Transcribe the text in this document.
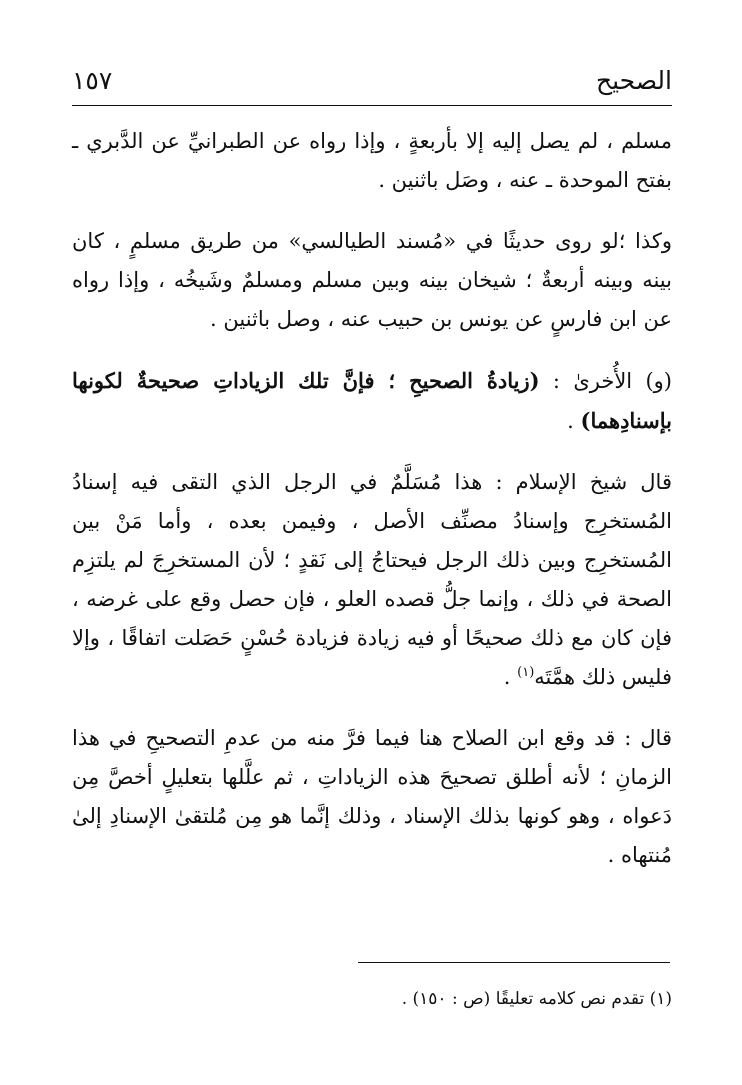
الصحيح
١٥٧

مسلم ، لم يصل إليه إلا بأربعةٍ ، وإذا رواه عن الطبرانيِّ عن الدَّبري ـ بفتح الموحدة ـ عنه ، وصَل باثنين .

وكذا ؛لو روى حديثًا في «مُسند الطيالسي» من طريق مسلمٍ ، كان بينه وبينه أربعةٌ ؛ شيخان بينه وبين مسلم ومسلمٌ وشَيخُه ، وإذا رواه عن ابن فارسٍ عن يونس بن حبيب عنه ، وصل باثنين .

(و) الأُخرىٰ : (زيادةُ الصحيحِ ؛ فإنَّ تلك الزياداتِ صحيحةٌ لكونها بإسنادِهما) .

قال شيخ الإسلام : هذا مُسَلَّمٌ في الرجل الذي التقى فيه إسنادُ المُستخرِج وإسنادُ مصنِّف الأصل ، وفيمن بعده ، وأما مَنْ بين المُستخرِج وبين ذلك الرجل فيحتاجُ إلى نَقدٍ ؛ لأن المستخرِجَ لم يلتزِم الصحة في ذلك ، وإنما جلُّ قصده العلو ، فإن حصل وقع على غرضه ، فإن كان مع ذلك صحيحًا أو فيه زيادة فزيادة حُسْنٍ حَصَلت اتفاقًا ، وإلا فليس ذلك همَّتَه$^{(١)}$ .

قال : قد وقع ابن الصلاح هنا فيما فرَّ منه من عدمِ التصحيحِ في هذا الزمانِ ؛ لأنه أطلق تصحيحَ هذه الزياداتِ ، ثم علَّلها بتعليلٍ أخصَّ مِن دَعواه ، وهو كونها بذلك الإسناد ، وذلك إنَّما هو مِن مُلتقىٰ الإسنادِ إلىٰ مُنتهاه .

(١) تقدم نص كلامه تعليقًا (ص : ١٥٠) .
